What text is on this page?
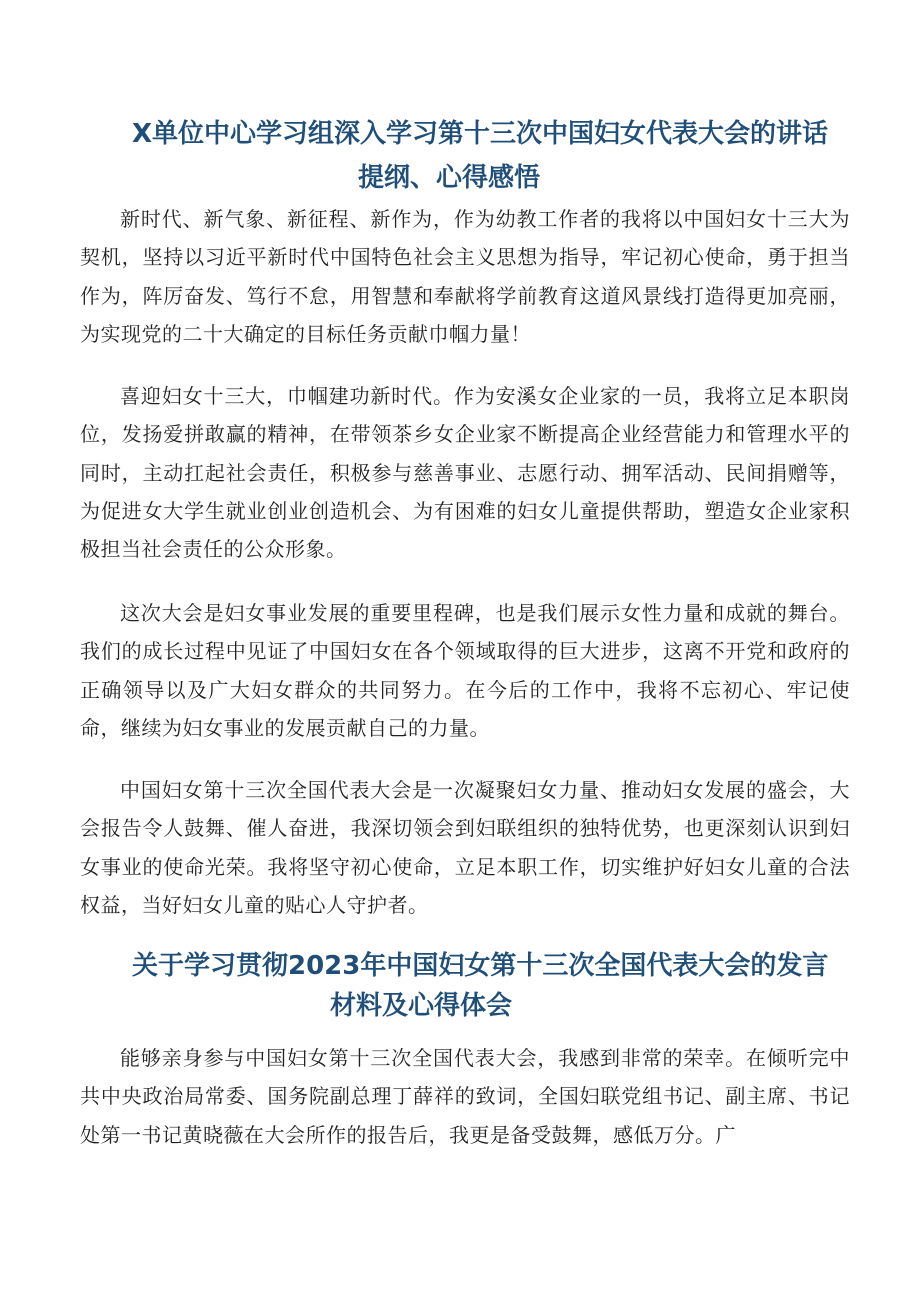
X单位中心学习组深入学习第十三次中国妇女代表大会的讲话
提纲、心得感悟

新时代、新气象、新征程、新作为，作为幼教工作者的我将以中国妇女十三大为契机，坚持以习近平新时代中国特色社会主义思想为指导，牢记初心使命，勇于担当作为，阵厉奋发、笃行不怠，用智慧和奉献将学前教育这道风景线打造得更加亮丽，为实现党的二十大确定的目标任务贡献巾帼力量！

喜迎妇女十三大，巾帼建功新时代。作为安溪女企业家的一员，我将立足本职岗位，发扬爱拼敢赢的精神，在带领茶乡女企业家不断提高企业经营能力和管理水平的同时，主动扛起社会责任，积极参与慈善事业、志愿行动、拥军活动、民间捐赠等，为促进女大学生就业创业创造机会、为有困难的妇女儿童提供帮助，塑造女企业家积极担当社会责任的公众形象。

这次大会是妇女事业发展的重要里程碑，也是我们展示女性力量和成就的舞台。我们的成长过程中见证了中国妇女在各个领域取得的巨大进步，这离不开党和政府的正确领导以及广大妇女群众的共同努力。在今后的工作中，我将不忘初心、牢记使命，继续为妇女事业的发展贡献自己的力量。

中国妇女第十三次全国代表大会是一次凝聚妇女力量、推动妇女发展的盛会，大会报告令人鼓舞、催人奋进，我深切领会到妇联组织的独特优势，也更深刻认识到妇女事业的使命光荣。我将坚守初心使命，立足本职工作，切实维护好妇女儿童的合法权益，当好妇女儿童的贴心人守护者。

关于学习贯彻2023年中国妇女第十三次全国代表大会的发言
材料及心得体会

能够亲身参与中国妇女第十三次全国代表大会，我感到非常的荣幸。在倾听完中共中央政治局常委、国务院副总理丁薛祥的致词，全国妇联党组书记、副主席、书记处第一书记黄晓薇在大会所作的报告后，我更是备受鼓舞，感低万分。广
